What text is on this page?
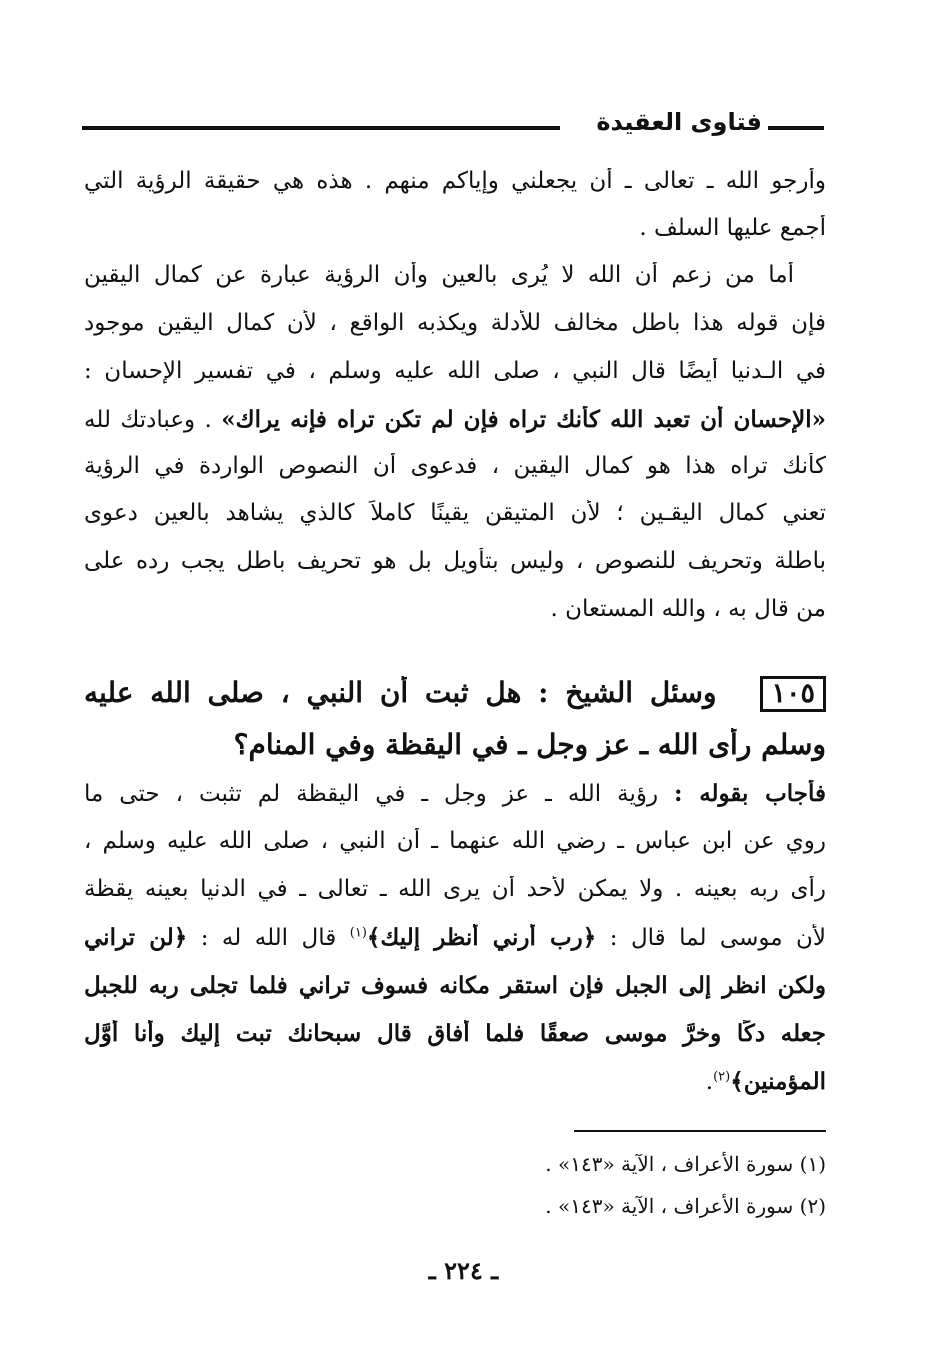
فتاوى العقيدة
وأرجو الله ـ تعالى ـ أن يجعلني وإياكم منهم . هذه هي حقيقة الرؤية التي
أجمع عليها السلف .
أما من زعم أن الله لا يُرى بالعين وأن الرؤية عبارة عن كمال اليقين
فإن قوله هذا باطل مخالف للأدلة ويكذبه الواقع ، لأن كمال اليقين موجود
في الـدنيا أيضًا قال النبي ، صلى الله عليه وسلم ، في تفسير الإحسان :
«الإحسان أن تعبد الله كأنك تراه فإن لم تكن تراه فإنه يراك» . وعبادتك لله
كأنك تراه هذا هو كمال اليقين ، فدعوى أن النصوص الواردة في الرؤية
تعني كمال اليقـين ؛ لأن المتيقن يقينًا كاملاً كالذي يشاهد بالعين دعوى
باطلة وتحريف للنصوص ، وليس بتأويل بل هو تحريف باطل يجب رده على
من قال به ، والله المستعان .
١٠٥وسئل الشيخ : هل ثبت أن النبي ، صلى الله عليه
وسلم رأى الله ـ عز وجل ـ في اليقظة وفي المنام؟
فأجاب بقوله : رؤية الله ـ عز وجل ـ في اليقظة لم تثبت ، حتى ما
روي عن ابن عباس ـ رضي الله عنهما ـ أن النبي ، صلى الله عليه وسلم ،
رأى ربه بعينه . ولا يمكن لأحد أن يرى الله ـ تعالى ـ في الدنيا بعينه يقظة
لأن موسى لما قال : ﴿رب أرني أنظر إليك﴾$^{(١)}$ قال الله له : ﴿لن تراني
ولكن انظر إلى الجبل فإن استقر مكانه فسوف تراني فلما تجلى ربه للجبل
جعله دكًا وخرَّ موسى صعقًا فلما أفاق قال سبحانك تبت إليك وأنا أوَّل
المؤمنين﴾$^{(٢)}$.
(١) سورة الأعراف ، الآية «١٤٣» .
(٢) سورة الأعراف ، الآية «١٤٣» .
ـ ٢٢٤ ـ
